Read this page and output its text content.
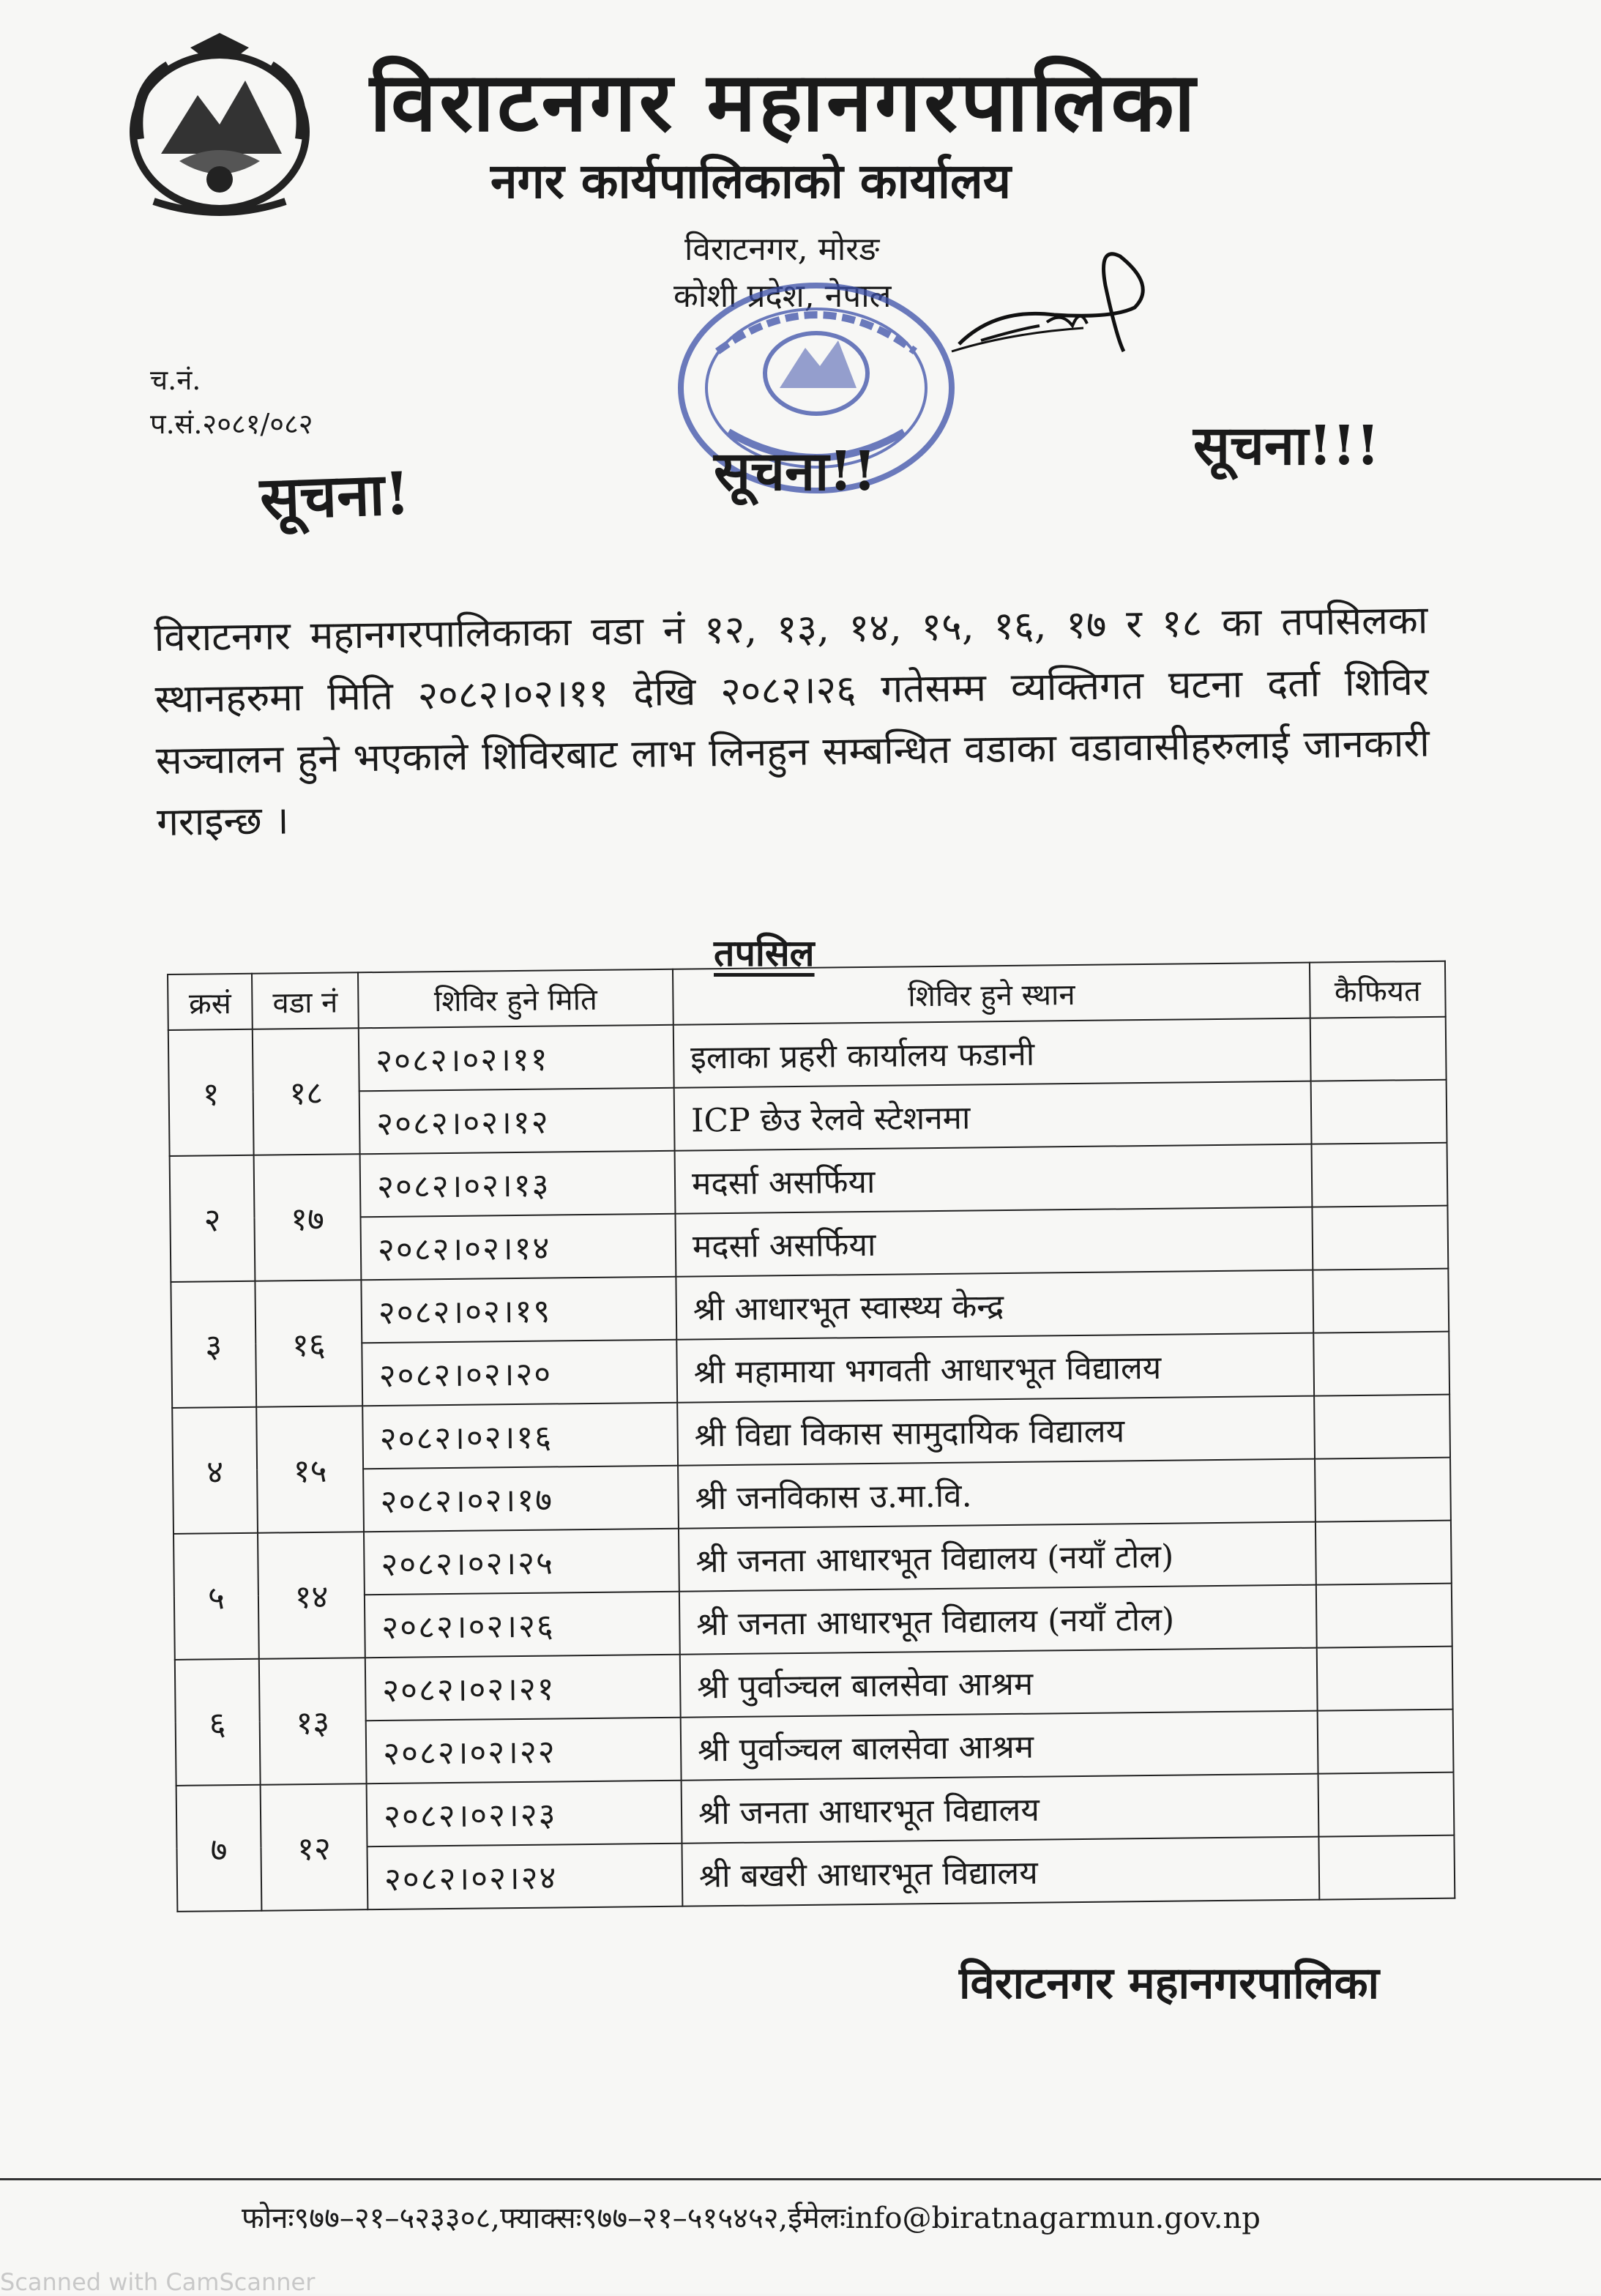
विराटनगर महानगरपालिका
नगर कार्यपालिकाको कार्यालय
विराटनगर, मोरङ
कोशी प्रदेश, नेपाल
च.नं.
प.सं.२०८१/०८२
सूचना!	सूचना!!	सूचना!!!
विराटनगर महानगरपालिकाका वडा नं १२, १३, १४, १५, १६, १७ र १८ का तपसिलका स्थानहरुमा मिति २०८२।०२।११ देखि २०८२।२६ गतेसम्म व्यक्तिगत घटना दर्ता शिविर सञ्चालन हुने भएकाले शिविरबाट लाभ लिनहुन सम्बन्धित वडाका वडावासीहरुलाई जानकारी गराइन्छ ।
तपसिल
क्रसं	वडा नं	शिविर हुने मिति	शिविर हुने स्थान	कैफियत
१	१८	२०८२।०२।११	इलाका प्रहरी कार्यालय फडानी	
		२०८२।०२।१२	ICP छेउ रेलवे स्टेशनमा	
२	१७	२०८२।०२।१३	मदर्सा असर्फिया	
		२०८२।०२।१४	मदर्सा असर्फिया	
३	१६	२०८२।०२।१९	श्री आधारभूत स्वास्थ्य केन्द्र	
		२०८२।०२।२०	श्री महामाया भगवती आधारभूत विद्यालय	
४	१५	२०८२।०२।१६	श्री विद्या विकास सामुदायिक विद्यालय	
		२०८२।०२।१७	श्री जनविकास उ.मा.वि.	
५	१४	२०८२।०२।२५	श्री जनता आधारभूत विद्यालय (नयाँ टोल)	
		२०८२।०२।२६	श्री जनता आधारभूत विद्यालय (नयाँ टोल)	
६	१३	२०८२।०२।२१	श्री पुर्वाञ्चल बालसेवा आश्रम	
		२०८२।०२।२२	श्री पुर्वाञ्चल बालसेवा आश्रम	
७	१२	२०८२।०२।२३	श्री जनता आधारभूत विद्यालय	
		२०८२।०२।२४	श्री बखरी आधारभूत विद्यालय	
विराटनगर महानगरपालिका
फोनः९७७–२१–५२३३०८,फ्याक्सः९७७–२१–५१५४५२,ईमेलःinfo@biratnagarmun.gov.np
Scanned with CamScanner
